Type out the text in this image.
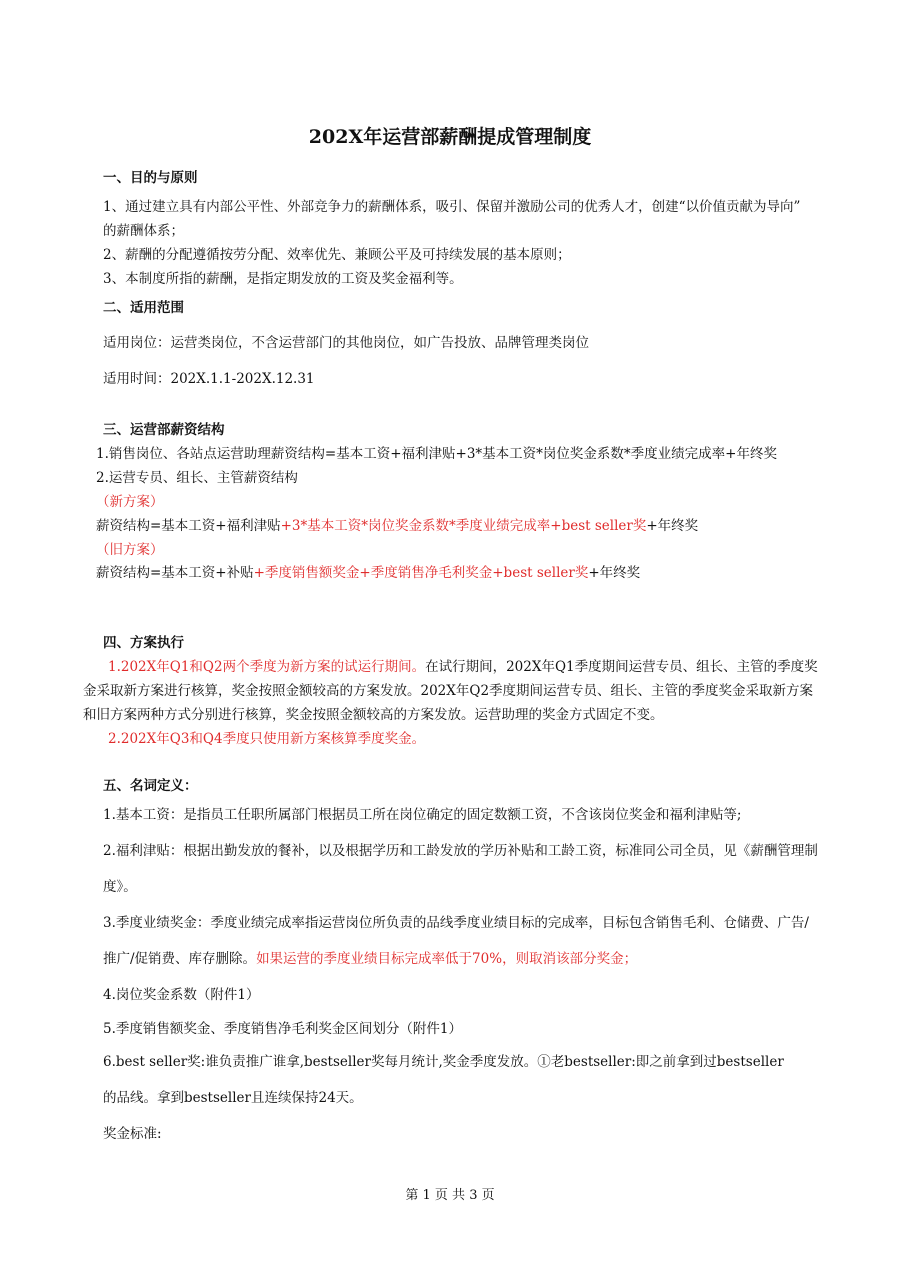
202X年运营部薪酬提成管理制度
一、目的与原则
1、通过建立具有内部公平性、外部竞争力的薪酬体系，吸引、保留并激励公司的优秀人才，创建“以价值贡献为导向”
的薪酬体系；
2、薪酬的分配遵循按劳分配、效率优先、兼顾公平及可持续发展的基本原则；
3、本制度所指的薪酬，是指定期发放的工资及奖金福利等。
二、适用范围
适用岗位：运营类岗位，不含运营部门的其他岗位，如广告投放、品牌管理类岗位
适用时间：202X.1.1-202X.12.31
三、运营部薪资结构
1.销售岗位、各站点运营助理薪资结构=基本工资+福利津贴+3*基本工资*岗位奖金系数*季度业绩完成率+年终奖
2.运营专员、组长、主管薪资结构
（新方案）
薪资结构=基本工资+福利津贴+3*基本工资*岗位奖金系数*季度业绩完成率+best seller奖+年终奖
（旧方案）
薪资结构=基本工资+补贴+季度销售额奖金+季度销售净毛利奖金+best seller奖+年终奖
四、方案执行
1.202X年Q1和Q2两个季度为新方案的试运行期间。在试行期间，202X年Q1季度期间运营专员、组长、主管的季度奖
金采取新方案进行核算，奖金按照金额较高的方案发放。202X年Q2季度期间运营专员、组长、主管的季度奖金采取新方案
和旧方案两种方式分别进行核算，奖金按照金额较高的方案发放。运营助理的奖金方式固定不变。
2.202X年Q3和Q4季度只使用新方案核算季度奖金。
五、名词定义：
1.基本工资：是指员工任职所属部门根据员工所在岗位确定的固定数额工资，不含该岗位奖金和福利津贴等;
2.福利津贴：根据出勤发放的餐补，以及根据学历和工龄发放的学历补贴和工龄工资，标准同公司全员，见《薪酬管理制
度》。
3.季度业绩奖金：季度业绩完成率指运营岗位所负责的品线季度业绩目标的完成率，目标包含销售毛利、仓储费、广告/
推广/促销费、库存删除。如果运营的季度业绩目标完成率低于70%，则取消该部分奖金；
4.岗位奖金系数（附件1）
5.季度销售额奖金、季度销售净毛利奖金区间划分（附件1）
6.best seller奖:谁负责推广谁拿,bestseller奖每月统计,奖金季度发放。①老bestseller:即之前拿到过bestseller
的品线。拿到bestseller且连续保持24天。
奖金标准:
第 1 页 共 3 页
